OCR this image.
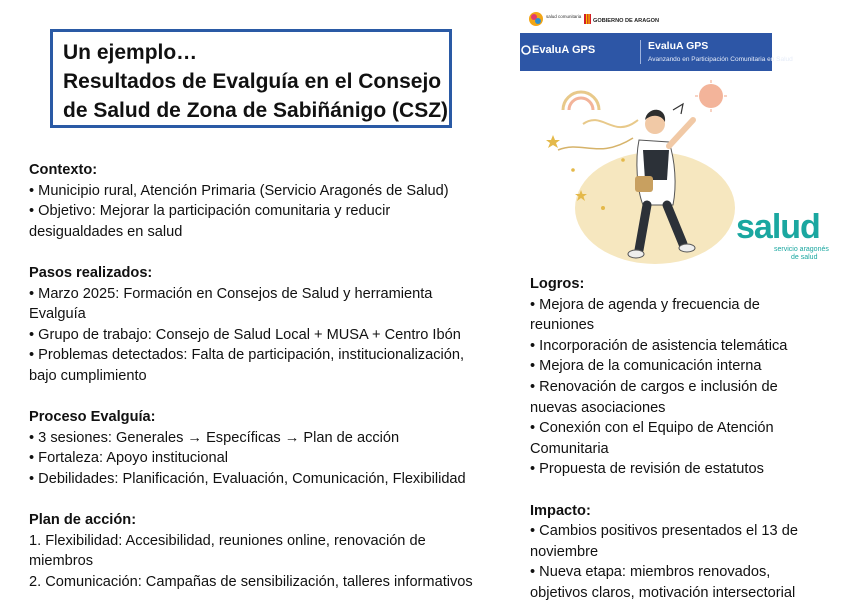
Un ejemplo…
Resultados de Evalguía en el Consejo
de Salud de Zona de Sabiñánigo (CSZ)
Contexto:
• Municipio rural, Atención Primaria (Servicio Aragonés de Salud)
• Objetivo: Mejorar la participación comunitaria y reducir
desigualdades en salud
Pasos realizados:
• Marzo 2025: Formación en Consejos de Salud y herramienta
Evalguía
• Grupo de trabajo: Consejo de Salud Local + MUSA + Centro Ibón
• Problemas detectados: Falta de participación, institucionalización,
bajo cumplimiento
Proceso Evalguía:
• 3 sesiones: Generales → Específicas → Plan de acción
• Fortaleza: Apoyo institucional
• Debilidades: Planificación, Evaluación, Comunicación, Flexibilidad
Plan de acción:
1. Flexibilidad: Accesibilidad, reuniones online, renovación de
miembros
2. Comunicación: Campañas de sensibilización, talleres informativos
Logros:
• Mejora de agenda y frecuencia de
reuniones
• Incorporación de asistencia telemática
• Mejora de la comunicación interna
• Renovación de cargos e inclusión de
nuevas asociaciones
• Conexión con el Equipo de Atención
Comunitaria
• Propuesta de revisión de estatutos
Impacto:
• Cambios positivos presentados el 13 de
noviembre
• Nueva etapa: miembros renovados,
objetivos claros, motivación intersectorial
salud comunitaria
GOBIERNO DE ARAGON
EvaluA GPS	EvaluA GPS
Avanzando en Participación Comunitaria en Salud
salud
servicio aragonés
de salud
